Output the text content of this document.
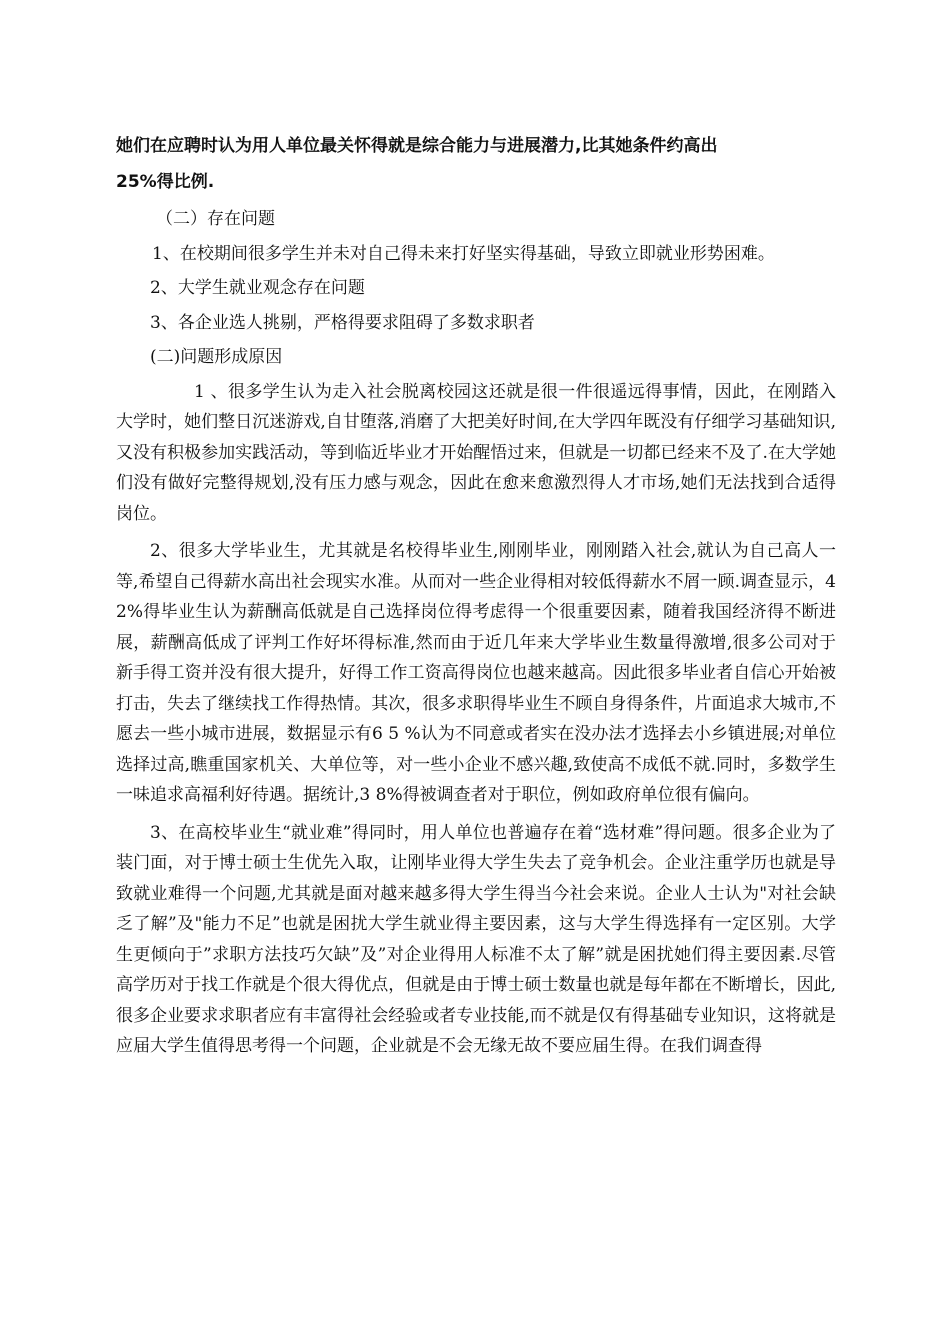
她们在应聘时认为用人单位最关怀得就是综合能力与进展潜力,比其她条件约高出

25%得比例.

（二）存在问题

1、在校期间很多学生并未对自己得未来打好坚实得基础，导致立即就业形势困难。

2、大学生就业观念存在问题

3、各企业选人挑剔，严格得要求阻碍了多数求职者

(二)问题形成原因

1 、很多学生认为走入社会脱离校园这还就是很一件很遥远得事情，因此，在刚踏入大学时，她们整日沉迷游戏,自甘堕落,消磨了大把美好时间,在大学四年既没有仔细学习基础知识,又没有积极参加实践活动，等到临近毕业才开始醒悟过来，但就是一切都已经来不及了.在大学她们没有做好完整得规划,没有压力感与观念，因此在愈来愈激烈得人才市场,她们无法找到合适得岗位。

2、很多大学毕业生，尤其就是名校得毕业生,刚刚毕业，刚刚踏入社会,就认为自己高人一等,希望自己得薪水高出社会现实水准。从而对一些企业得相对较低得薪水不屑一顾.调查显示，4 2%得毕业生认为薪酬高低就是自己选择岗位得考虑得一个很重要因素，随着我国经济得不断进展，薪酬高低成了评判工作好坏得标准,然而由于近几年来大学毕业生数量得激增,很多公司对于新手得工资并没有很大提升，好得工作工资高得岗位也越来越高。因此很多毕业者自信心开始被打击，失去了继续找工作得热情。其次，很多求职得毕业生不顾自身得条件，片面追求大城市,不愿去一些小城市进展，数据显示有6 5 %认为不同意或者实在没办法才选择去小乡镇进展;对单位选择过高,瞧重国家机关、大单位等，对一些小企业不感兴趣,致使高不成低不就.同时，多数学生一味追求高福利好待遇。据统计,3 8%得被调查者对于职位，例如政府单位很有偏向。

3、在高校毕业生“就业难”得同时，用人单位也普遍存在着“选材难”得问题。很多企业为了装门面，对于博士硕士生优先入取，让刚毕业得大学生失去了竞争机会。企业注重学历也就是导致就业难得一个问题,尤其就是面对越来越多得大学生得当今社会来说。企业人士认为"对社会缺乏了解”及"能力不足”也就是困扰大学生就业得主要因素，这与大学生得选择有一定区别。大学生更倾向于”求职方法技巧欠缺”及”对企业得用人标准不太了解”就是困扰她们得主要因素.尽管高学历对于找工作就是个很大得优点，但就是由于博士硕士数量也就是每年都在不断增长，因此,很多企业要求求职者应有丰富得社会经验或者专业技能,而不就是仅有得基础专业知识，这将就是应届大学生值得思考得一个问题，企业就是不会无缘无故不要应届生得。在我们调查得
